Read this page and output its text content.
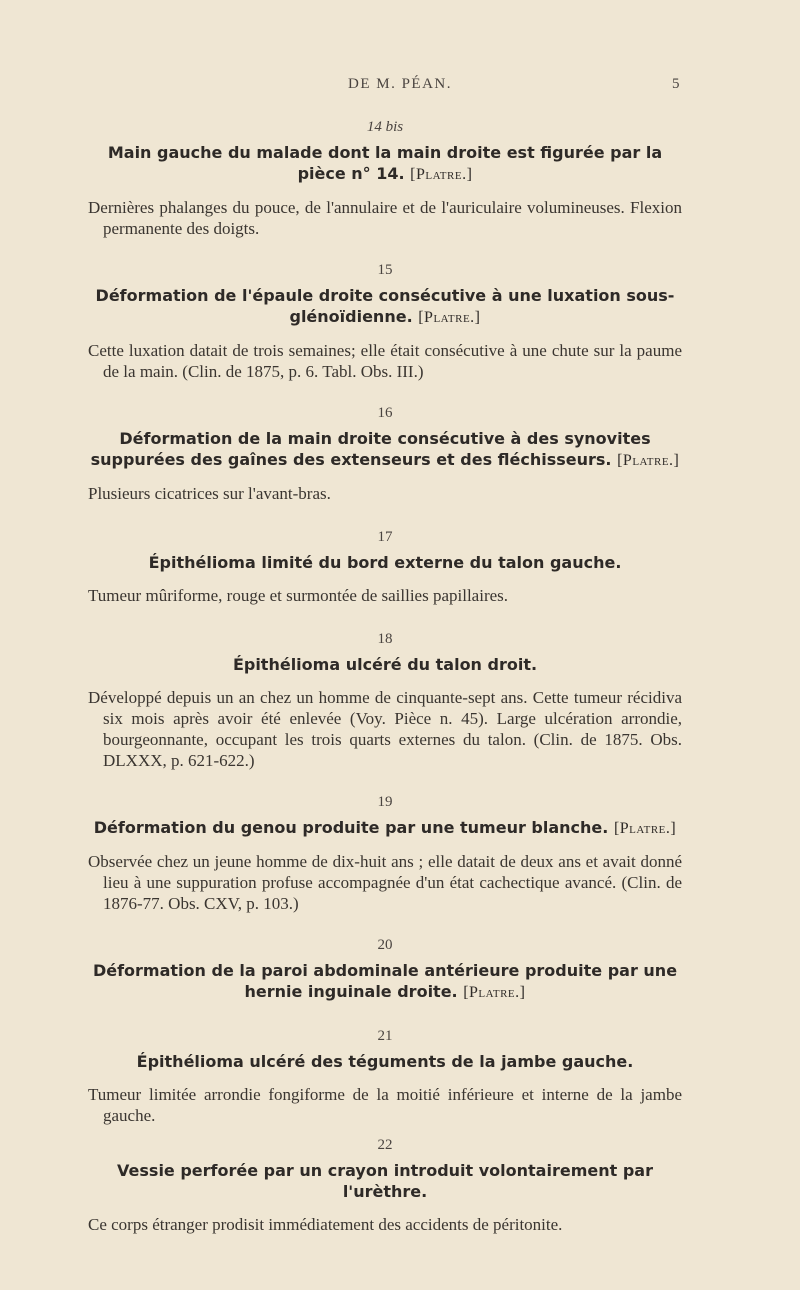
DE M. PÉAN.	5

14 bis

Main gauche du malade dont la main droite est figurée par la pièce n° 14. [Platre.]

Dernières phalanges du pouce, de l'annulaire et de l'auriculaire volumineuses. Flexion permanente des doigts.

15

Déformation de l'épaule droite consécutive à une luxation sous-glénoïdienne. [Platre.]

Cette luxation datait de trois semaines; elle était consécutive à une chute sur la paume de la main. (Clin. de 1875, p. 6. Tabl. Obs. III.)

16

Déformation de la main droite consécutive à des synovites suppurées des gaînes des extenseurs et des fléchisseurs. [Platre.]

Plusieurs cicatrices sur l'avant-bras.

17

Épithélioma limité du bord externe du talon gauche.

Tumeur mûriforme, rouge et surmontée de saillies papillaires.

18

Épithélioma ulcéré du talon droit.

Développé depuis un an chez un homme de cinquante-sept ans. Cette tumeur récidiva six mois après avoir été enlevée (Voy. Pièce n. 45). Large ulcération arrondie, bourgeonnante, occupant les trois quarts externes du talon. (Clin. de 1875. Obs. DLXXX, p. 621-622.)

19

Déformation du genou produite par une tumeur blanche. [Platre.]

Observée chez un jeune homme de dix-huit ans ; elle datait de deux ans et avait donné lieu à une suppuration profuse accompagnée d'un état cachectique avancé. (Clin. de 1876-77. Obs. CXV, p. 103.)

20

Déformation de la paroi abdominale antérieure produite par une hernie inguinale droite. [Platre.]

21

Épithélioma ulcéré des téguments de la jambe gauche.

Tumeur limitée arrondie fongiforme de la moitié inférieure et interne de la jambe gauche.

22

Vessie perforée par un crayon introduit volontairement par l'urèthre.

Ce corps étranger prodisit immédiatement des accidents de péritonite.
